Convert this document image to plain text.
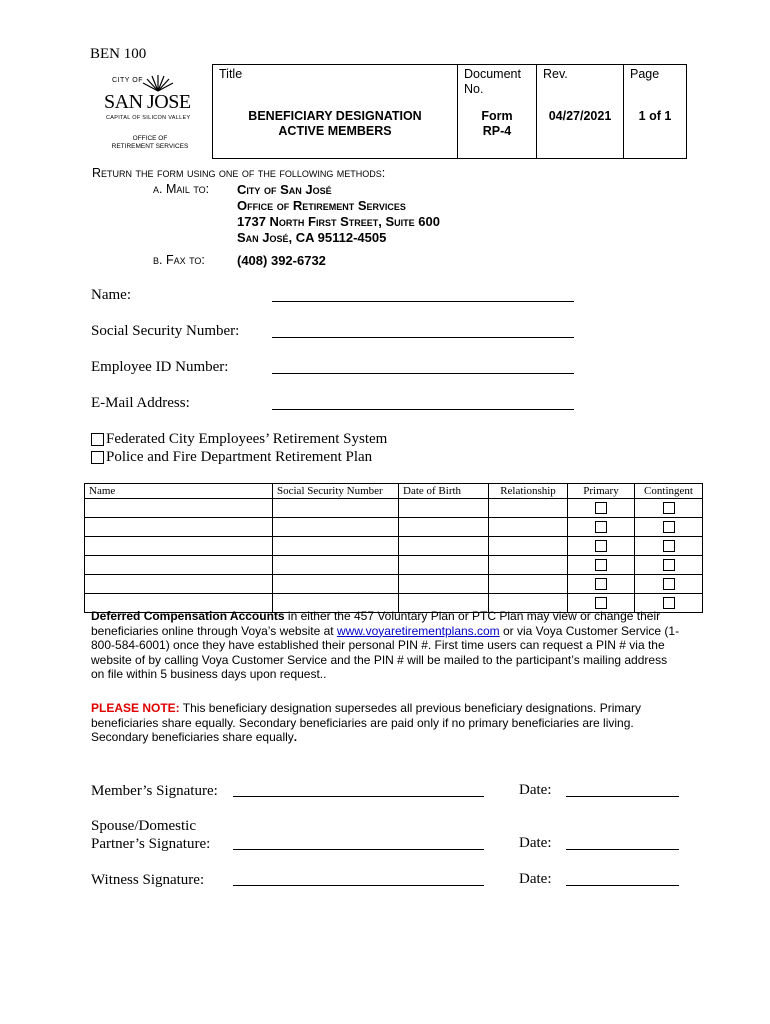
BEN 100
CITY OF
SAN JOSE
CAPITAL OF SILICON VALLEY
OFFICE OF
RETIREMENT SERVICES

Title
BENEFICIARY DESIGNATION
ACTIVE MEMBERS

Document
No.
Form
RP-4

Rev.
04/27/2021

Page
1 of 1
Return the form using one of the following methods:
a. Mail to: City of San José
Office of Retirement Services
1737 North First Street, Suite 600
San José, CA 95112-4505
b. Fax to: (408) 392-6732
Name:
Social Security Number:
Employee ID Number:
E-Mail Address:
Federated City Employees’ Retirement System
Police and Fire Department Retirement Plan
Name	Social Security Number	Date of Birth	Relationship	Primary	Contingent

Deferred Compensation Accounts in either the 457 Voluntary Plan or PTC Plan may view or change their beneficiaries online through Voya’s website at www.voyaretirementplans.com or via Voya Customer Service (1-800-584-6001) once they have established their personal PIN #. First time users can request a PIN # via the website of by calling Voya Customer Service and the PIN # will be mailed to the participant’s mailing address on file within 5 business days upon request..
PLEASE NOTE: This beneficiary designation supersedes all previous beneficiary designations. Primary beneficiaries share equally. Secondary beneficiaries are paid only if no primary beneficiaries are living. Secondary beneficiaries share equally.
Member’s Signature:	Date:
Spouse/Domestic
Partner’s Signature:	Date:
Witness Signature:	Date:
